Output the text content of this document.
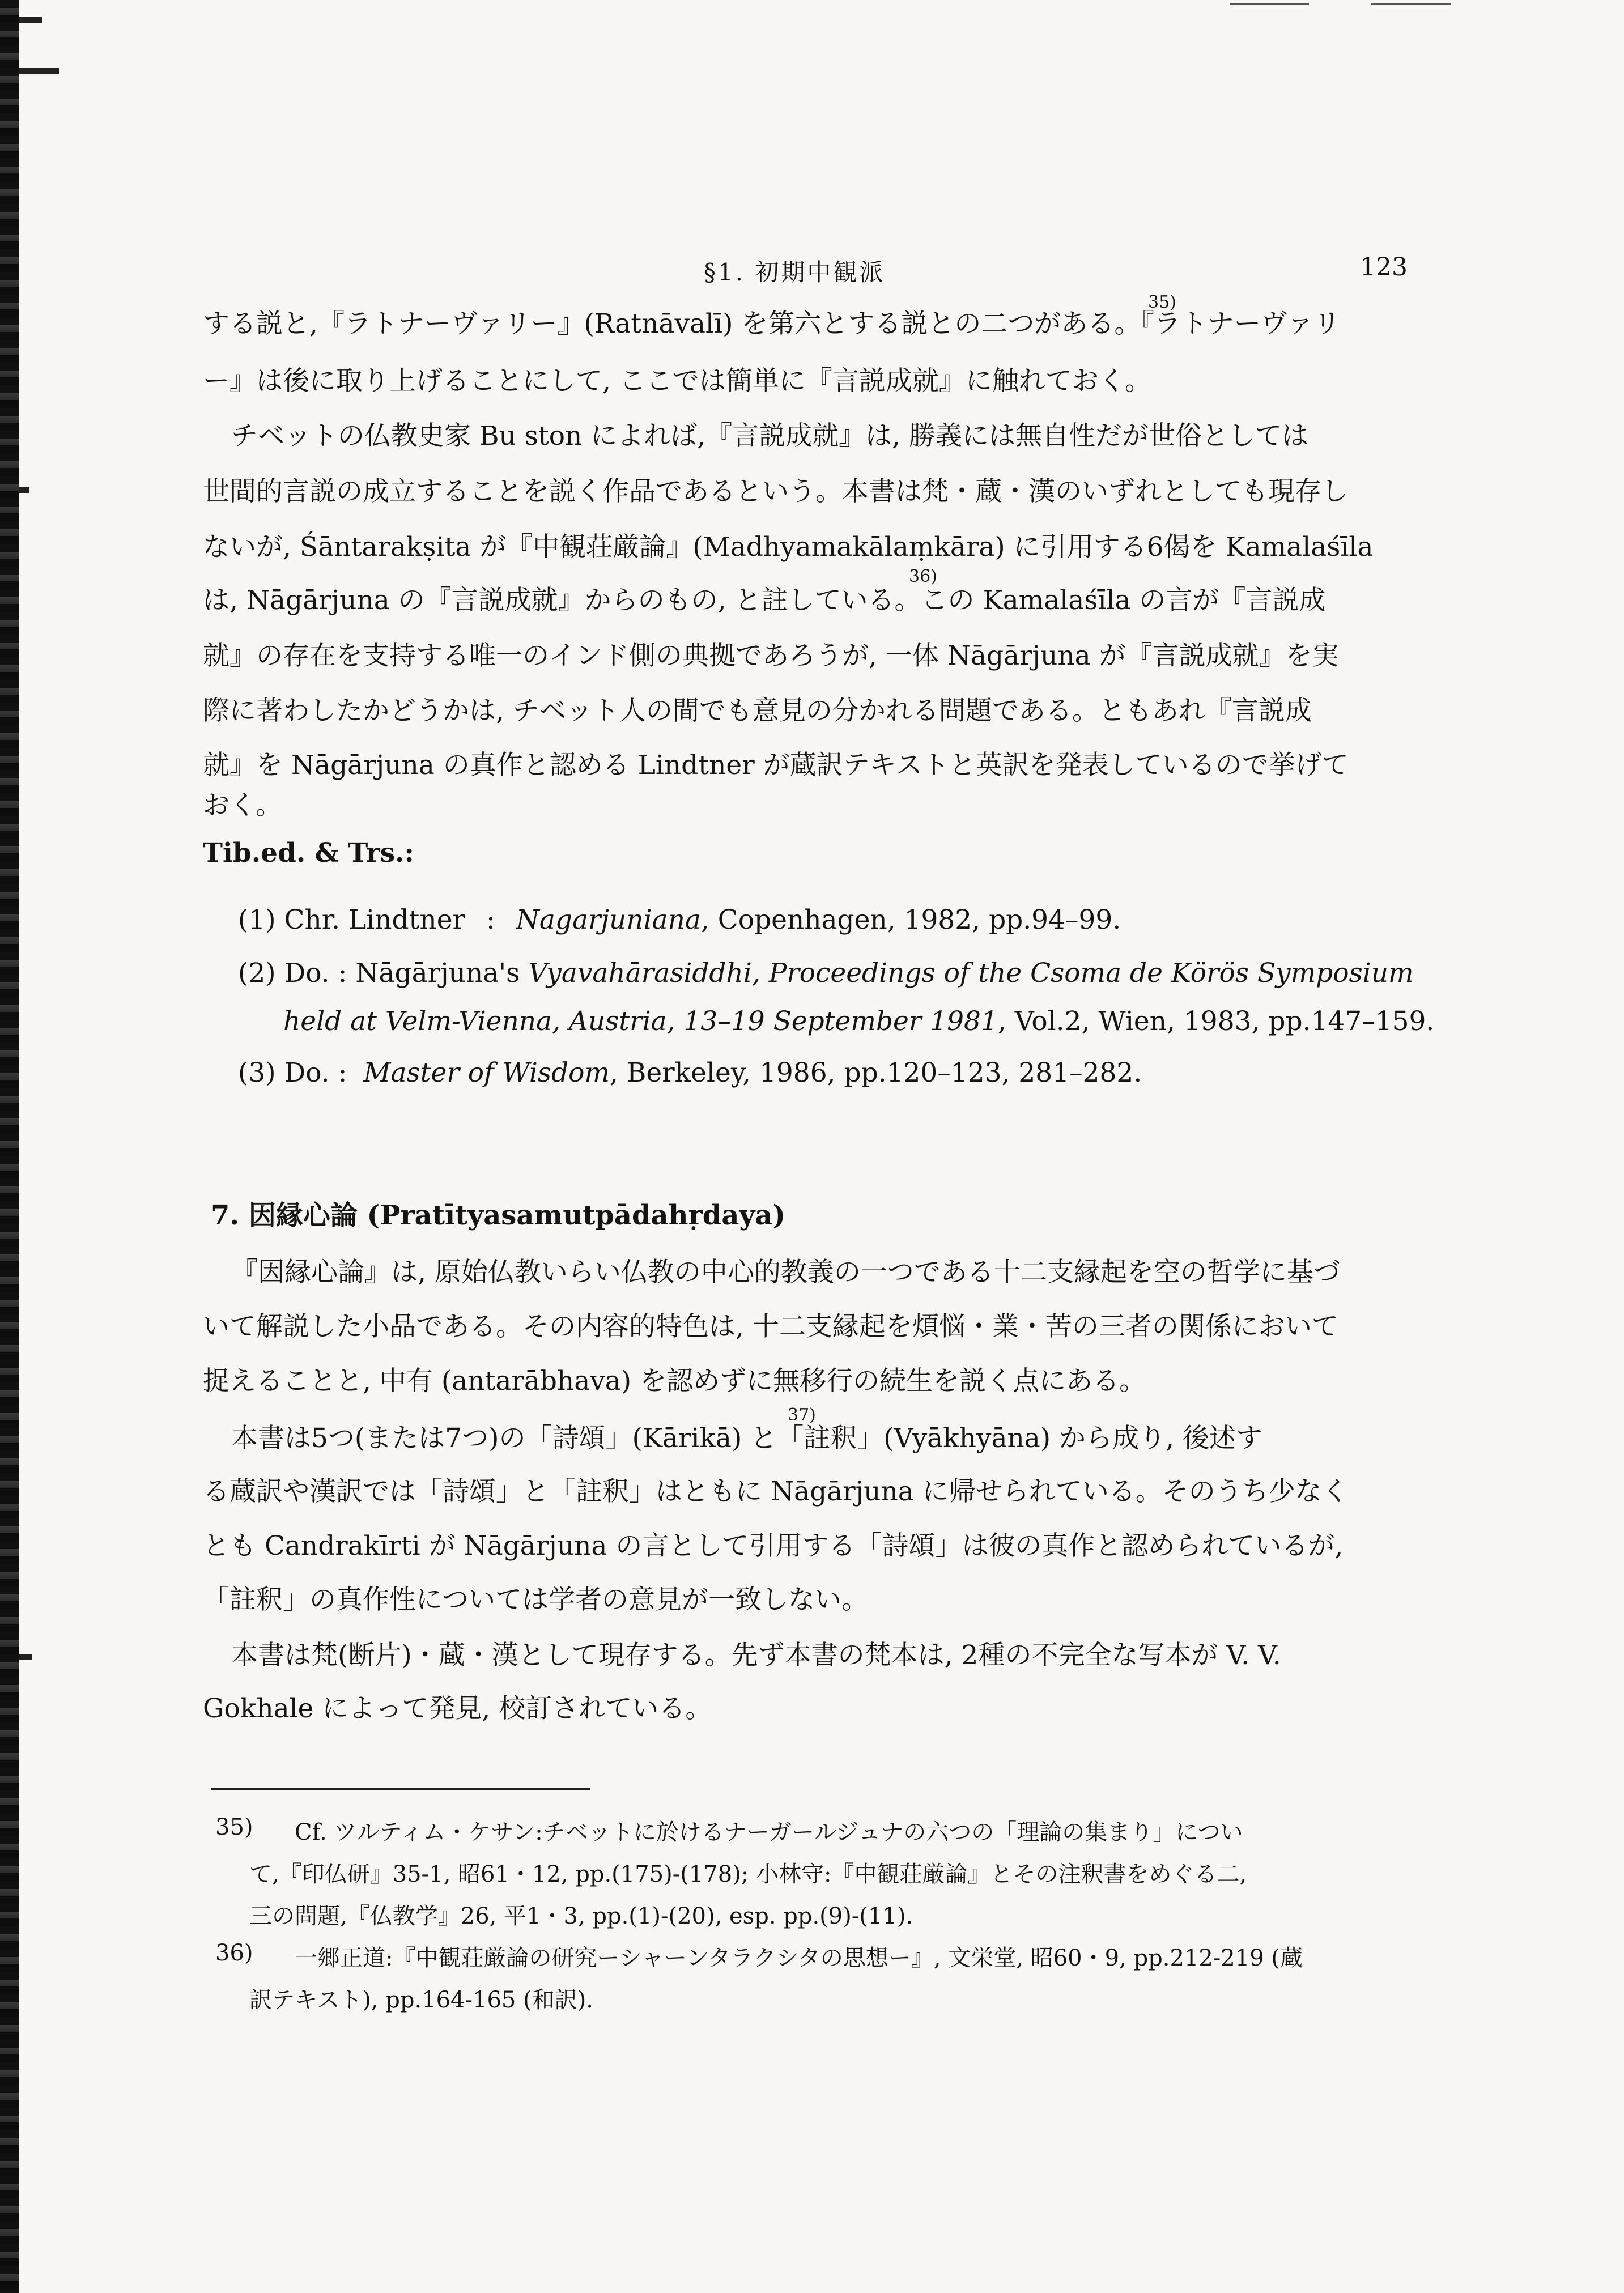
§1. 初期中観派	123
する説と,『ラトナーヴァリー』(Ratnāvalī) を第六とする説との二つがある。『ラトナーヴァリ
35)
ー』は後に取り上げることにして, ここでは簡単に『言説成就』に触れておく。
チベットの仏教史家 Bu ston によれば,『言説成就』は, 勝義には無自性だが世俗としては
世間的言説の成立することを説く作品であるという。本書は梵・蔵・漢のいずれとしても現存し
ないが, Śāntarakṣita が『中観荘厳論』(Madhyamakālaṃkāra) に引用する6偈を Kamalaśīla
36)
は, Nāgārjuna の『言説成就』からのもの, と註している。この Kamalaśīla の言が『言説成
就』の存在を支持する唯一のインド側の典拠であろうが, 一体 Nāgārjuna が『言説成就』を実
際に著わしたかどうかは, チベット人の間でも意見の分かれる問題である。ともあれ『言説成
就』を Nāgārjuna の真作と認める Lindtner が蔵訳テキストと英訳を発表しているので挙げて
おく。
Tib.ed. & Trs.:
(1) Chr. Lindtner : Nagarjuniana, Copenhagen, 1982, pp.94–99.
(2) Do. : Nāgārjuna's Vyavahārasiddhi, Proceedings of the Csoma de Körös Symposium
held at Velm-Vienna, Austria, 13–19 September 1981, Vol.2, Wien, 1983, pp.147–159.
(3) Do. : Master of Wisdom, Berkeley, 1986, pp.120–123, 281–282.
7. 因縁心論 (Pratītyasamutpādahṛdaya)
『因縁心論』は, 原始仏教いらい仏教の中心的教義の一つである十二支縁起を空の哲学に基づ
いて解説した小品である。その内容的特色は, 十二支縁起を煩悩・業・苦の三者の関係において
捉えることと, 中有 (antarābhava) を認めずに無移行の続生を説く点にある。
本書は5つ(または7つ)の「詩頌」(Kārikā) と「註釈」(Vyākhyāna) から成り, 後述す
37)
る蔵訳や漢訳では「詩頌」と「註釈」はともに Nāgārjuna に帰せられている。そのうち少なく
とも Candrakīrti が Nāgārjuna の言として引用する「詩頌」は彼の真作と認められているが,
「註釈」の真作性については学者の意見が一致しない。
本書は梵(断片)・蔵・漢として現存する。先ず本書の梵本は, 2種の不完全な写本が V. V.
Gokhale によって発見, 校訂されている。
35) Cf. ツルティム・ケサン:チベットに於けるナーガールジュナの六つの「理論の集まり」につい
て,『印仏研』35-1, 昭61・12, pp.(175)-(178); 小林守:『中観荘厳論』とその注釈書をめぐる二,
三の問題,『仏教学』26, 平1・3, pp.(1)-(20), esp. pp.(9)-(11).
36) 一郷正道:『中観荘厳論の研究ーシャーンタラクシタの思想ー』, 文栄堂, 昭60・9, pp.212-219 (蔵
訳テキスト), pp.164-165 (和訳).
